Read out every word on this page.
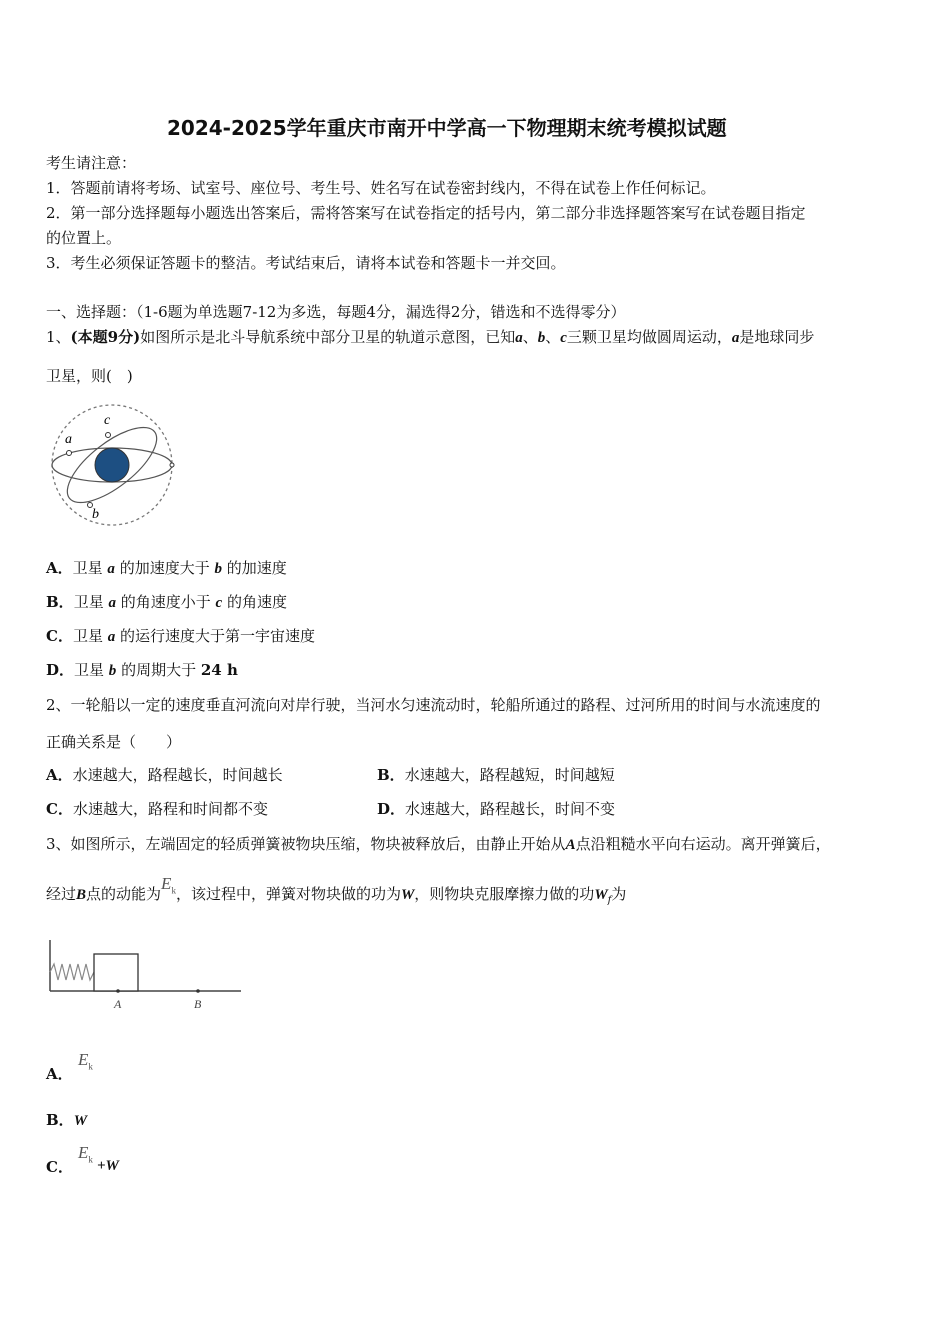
2024-2025学年重庆市南开中学高一下物理期末统考模拟试题
考生请注意：
1．答题前请将考场、试室号、座位号、考生号、姓名写在试卷密封线内，不得在试卷上作任何标记。
2．第一部分选择题每小题选出答案后，需将答案写在试卷指定的括号内，第二部分非选择题答案写在试卷题目指定
的位置上。
3．考生必须保证答题卡的整洁。考试结束后，请将本试卷和答题卡一并交回。
一、选择题：（1-6题为单选题7-12为多选，每题4分，漏选得2分，错选和不选得零分）
1、(本题9分)如图所示是北斗导航系统中部分卫星的轨道示意图，已知a、b、c三颗卫星均做圆周运动，a是地球同步
卫星，则(　)
c
a
b
A．卫星 a 的加速度大于 b 的加速度
B．卫星 a 的角速度小于 c 的角速度
C．卫星 a 的运行速度大于第一宇宙速度
D．卫星 b 的周期大于 24 h
2、一轮船以一定的速度垂直河流向对岸行驶，当河水匀速流动时，轮船所通过的路程、过河所用的时间与水流速度的
正确关系是（　　）
A．水速越大，路程越长，时间越长	B．水速越大，路程越短，时间越短
C．水速越大，路程和时间都不变	D．水速越大，路程越长，时间不变
3、如图所示，左端固定的轻质弹簧被物块压缩，物块被释放后，由静止开始从A点沿粗糙水平向右运动。离开弹簧后，
经过B点的动能为$E_k$，该过程中，弹簧对物块做的功为W，则物块克服摩擦力做的功$W_f$为
A	B
A．
$E_k$
B．W
C．
$E_k +W$
